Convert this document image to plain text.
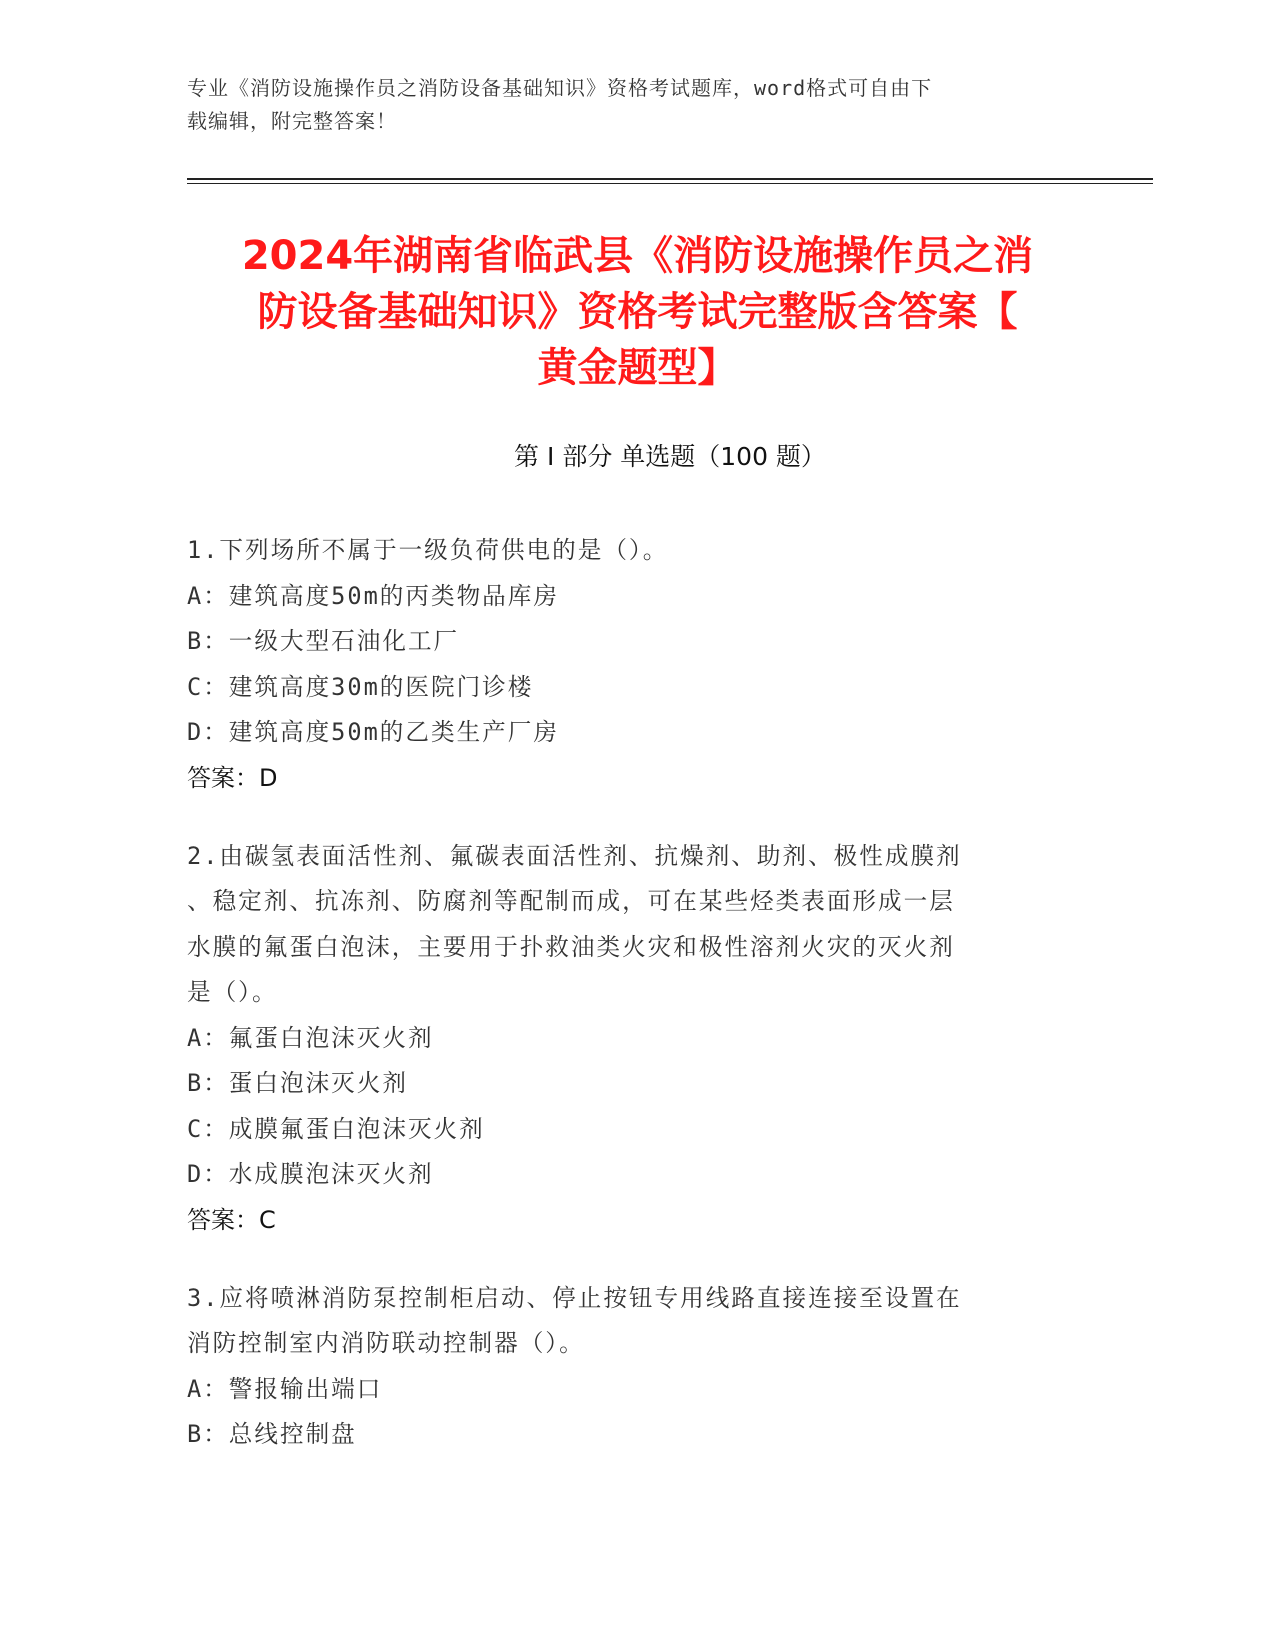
专业《消防设施操作员之消防设备基础知识》资格考试题库，word格式可自由下
载编辑，附完整答案！
2024年湖南省临武县《消防设施操作员之消
防设备基础知识》资格考试完整版含答案【
黄金题型】
第 I 部分 单选题（100 题）
1.下列场所不属于一级负荷供电的是（）。
A：建筑高度50m的丙类物品库房
B：一级大型石油化工厂
C：建筑高度30m的医院门诊楼
D：建筑高度50m的乙类生产厂房
答案：D
2.由碳氢表面活性剂、氟碳表面活性剂、抗燥剂、助剂、极性成膜剂
、稳定剂、抗冻剂、防腐剂等配制而成，可在某些烃类表面形成一层
水膜的氟蛋白泡沫，主要用于扑救油类火灾和极性溶剂火灾的灭火剂
是（）。
A：氟蛋白泡沫灭火剂
B：蛋白泡沫灭火剂
C：成膜氟蛋白泡沫灭火剂
D：水成膜泡沫灭火剂
答案：C
3.应将喷淋消防泵控制柜启动、停止按钮专用线路直接连接至设置在
消防控制室内消防联动控制器（）。
A：警报输出端口
B：总线控制盘
